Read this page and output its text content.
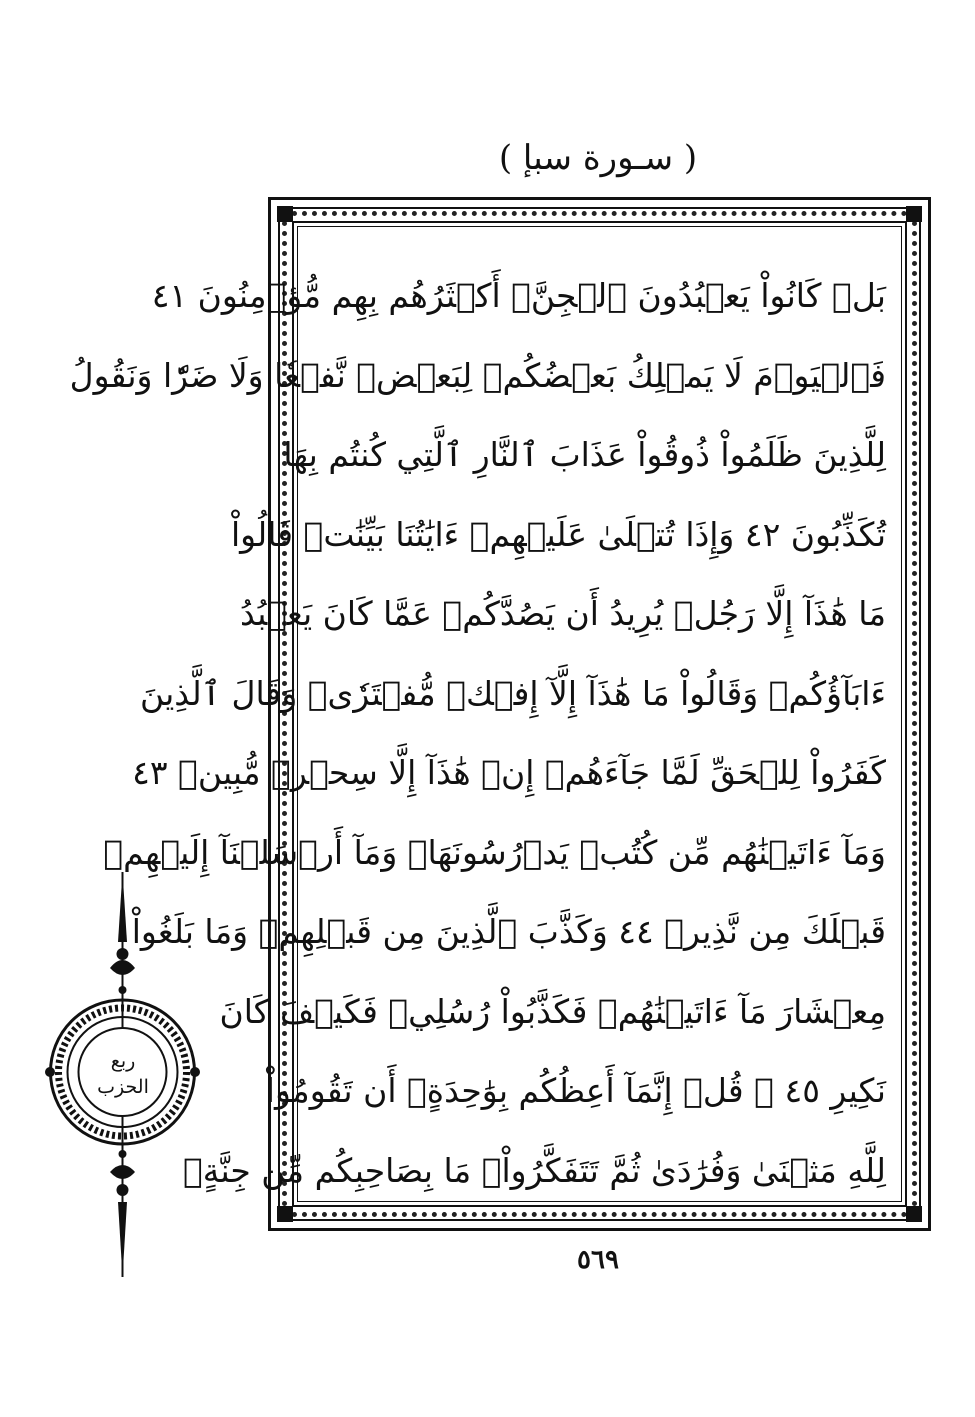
( سـورة سبإ )
بَلۡ كَانُواْ يَعۡبُدُونَ ٱلۡجِنَّۖ أَكۡثَرُهُم بِهِم مُّؤۡمِنُونَ ٤١
فَٱلۡيَوۡمَ لَا يَمۡلِكُ بَعۡضُكُمۡ لِبَعۡضٖ نَّفۡعٗا وَلَا ضَرّٗا وَنَقُولُ
لِلَّذِينَ ظَلَمُواْ ذُوقُواْ عَذَابَ ٱلنَّارِ ٱلَّتِي كُنتُم بِهَا
تُكَذِّبُونَ ٤٢ وَإِذَا تُتۡلَىٰ عَلَيۡهِمۡ ءَايَٰتُنَا بَيِّنَٰتٖ قَالُواْ
مَا هَٰذَآ إِلَّا رَجُلٞ يُرِيدُ أَن يَصُدَّكُمۡ عَمَّا كَانَ يَعۡبُدُ
ءَابَآؤُكُمۡ وَقَالُواْ مَا هَٰذَآ إِلَّآ إِفۡكٞ مُّفۡتَرٗىۚ وَقَالَ ٱلَّذِينَ
كَفَرُواْ لِلۡحَقِّ لَمَّا جَآءَهُمۡ إِنۡ هَٰذَآ إِلَّا سِحۡرٞ مُّبِينٞ ٤٣
وَمَآ ءَاتَيۡنَٰهُم مِّن كُتُبٖ يَدۡرُسُونَهَاۖ وَمَآ أَرۡسَلۡنَآ إِلَيۡهِمۡ
قَبۡلَكَ مِن نَّذِيرٖ ٤٤ وَكَذَّبَ ٱلَّذِينَ مِن قَبۡلِهِمۡ وَمَا بَلَغُواْ
مِعۡشَارَ مَآ ءَاتَيۡنَٰهُمۡ فَكَذَّبُواْ رُسُلِيۖ فَكَيۡفَ كَانَ
نَكِيرِ ٤٥ ۞ قُلۡ إِنَّمَآ أَعِظُكُم بِوَٰحِدَةٍۖ أَن تَقُومُواْ
لِلَّهِ مَثۡنَىٰ وَفُرَٰدَىٰ ثُمَّ تَتَفَكَّرُواْۚ مَا بِصَاحِبِكُم مِّن جِنَّةٍۚ
ربع
الحزب
٥٦٩
